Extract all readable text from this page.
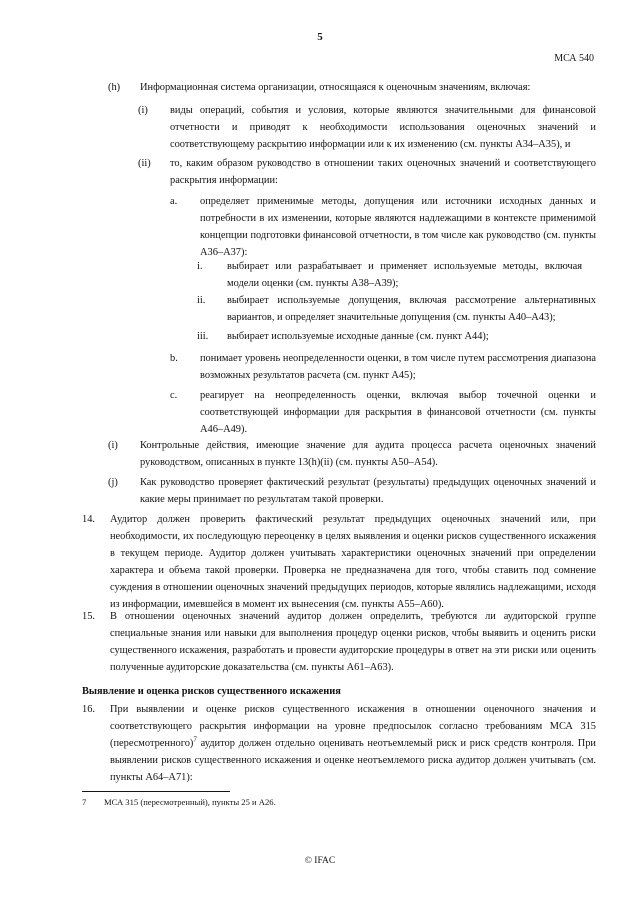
5
МСА 540
(h) Информационная система организации, относящаяся к оценочным значениям, включая:
(i) виды операций, события и условия, которые являются значительными для финансовой отчетности и приводят к необходимости использования оценочных значений и соответствующему раскрытию информации или к их изменению (см. пункты А34–А35), и
(ii) то, каким образом руководство в отношении таких оценочных значений и соответствующего раскрытия информации:
a. определяет применимые методы, допущения или источники исходных данных и потребности в их изменении, которые являются надлежащими в контексте применимой концепции подготовки финансовой отчетности, в том числе как руководство (см. пункты А36–А37):
i. выбирает или разрабатывает и применяет используемые методы, включая модели оценки (см. пункты А38–А39);
ii. выбирает используемые допущения, включая рассмотрение альтернативных вариантов, и определяет значительные допущения (см. пункты А40–А43);
iii. выбирает используемые исходные данные (см. пункт А44);
b. понимает уровень неопределенности оценки, в том числе путем рассмотрения диапазона возможных результатов расчета (см. пункт А45);
c. реагирует на неопределенность оценки, включая выбор точечной оценки и соответствующей информации для раскрытия в финансовой отчетности (см. пункты А46–А49).
(i) Контрольные действия, имеющие значение для аудита процесса расчета оценочных значений руководством, описанных в пункте 13(h)(ii) (см. пункты А50–А54).
(j) Как руководство проверяет фактический результат (результаты) предыдущих оценочных значений и какие меры принимает по результатам такой проверки.
14. Аудитор должен проверить фактический результат предыдущих оценочных значений или, при необходимости, их последующую переоценку в целях выявления и оценки рисков существенного искажения в текущем периоде. Аудитор должен учитывать характеристики оценочных значений при определении характера и объема такой проверки. Проверка не предназначена для того, чтобы ставить под сомнение суждения в отношении оценочных значений предыдущих периодов, которые являлись надлежащими, исходя из информации, имевшейся в момент их вынесения (см. пункты А55–А60).
15. В отношении оценочных значений аудитор должен определить, требуются ли аудиторской группе специальные знания или навыки для выполнения процедур оценки рисков, чтобы выявить и оценить риски существенного искажения, разработать и провести аудиторские процедуры в ответ на эти риски или оценить полученные аудиторские доказательства (см. пункты А61–А63).
Выявление и оценка рисков существенного искажения
16. При выявлении и оценке рисков существенного искажения в отношении оценочного значения и соответствующего раскрытия информации на уровне предпосылок согласно требованиям МСА 315 (пересмотренного)$^7$ аудитор должен отдельно оценивать неотъемлемый риск и риск средств контроля. При выявлении рисков существенного искажения и оценке неотъемлемого риска аудитор должен учитывать (см. пункты А64–А71):
7 МСА 315 (пересмотренный), пункты 25 и А26.
© IFAC
